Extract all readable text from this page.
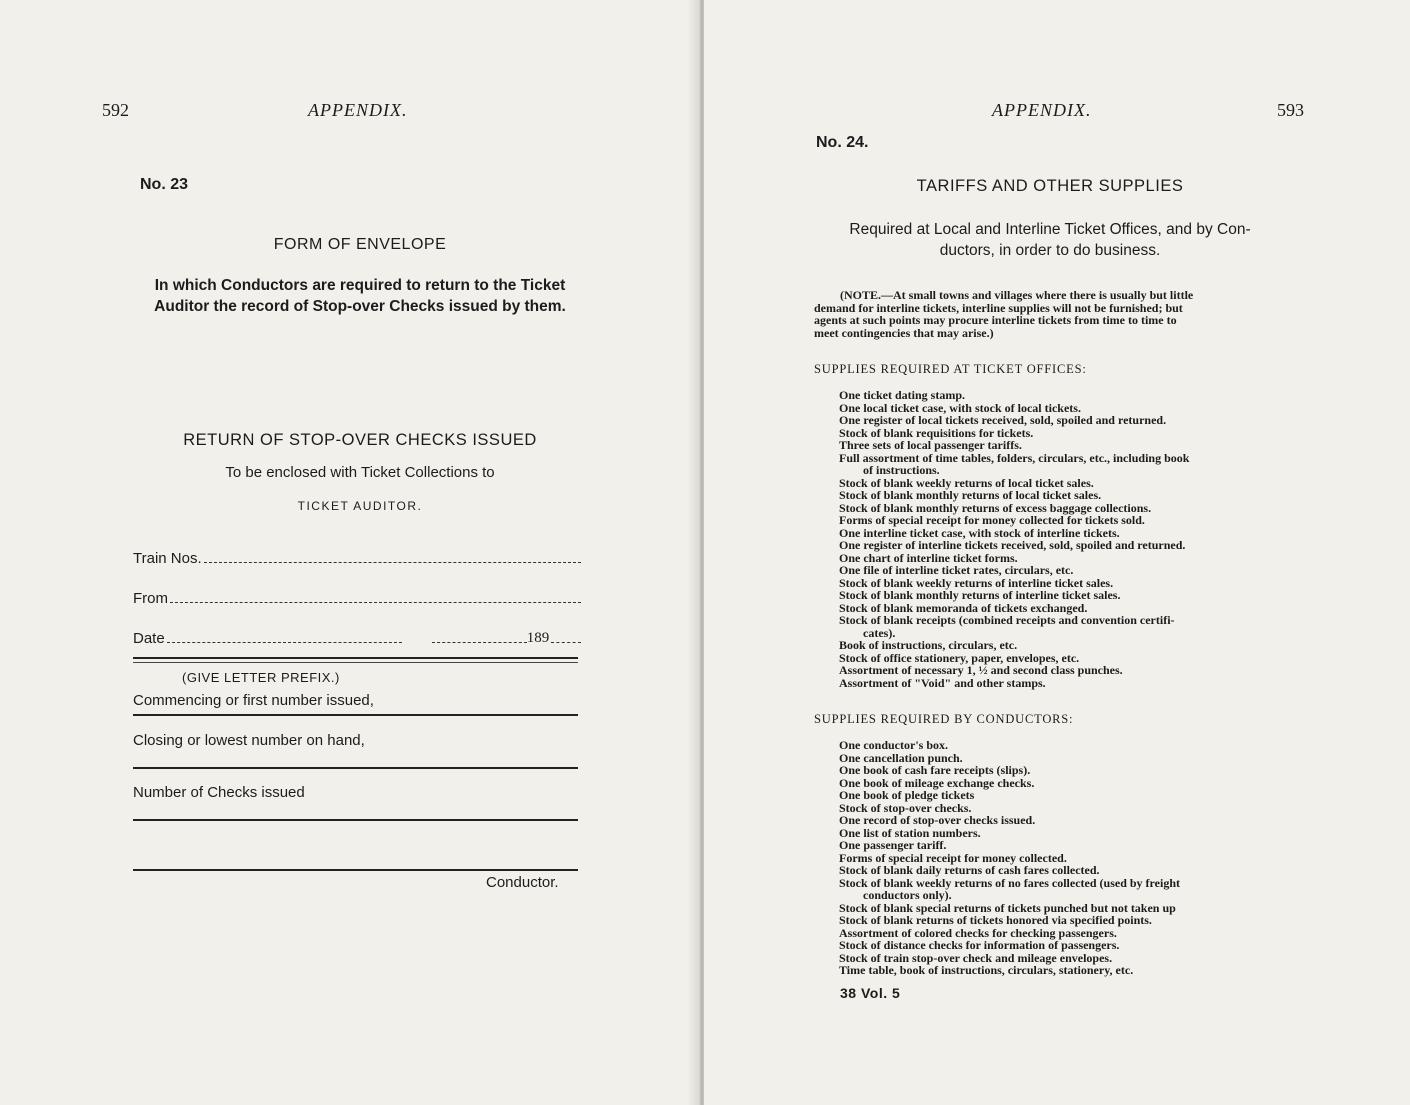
592	APPENDIX.
No. 23
FORM OF ENVELOPE
In which Conductors are required to return to the Ticket
Auditor the record of Stop-over Checks issued by them.
RETURN OF STOP-OVER CHECKS ISSUED
To be enclosed with Ticket Collections to
TICKET AUDITOR.
Train Nos.
From
Date	189
(GIVE LETTER PREFIX.)
Commencing or first number issued,
Closing or lowest number on hand,
Number of Checks issued
Conductor.
APPENDIX.	593
No. 24.
TARIFFS AND OTHER SUPPLIES
Required at Local and Interline Ticket Offices, and by Con-
ductors, in order to do business.
(NOTE.—At small towns and villages where there is usually but little
demand for interline tickets, interline supplies will not be furnished; but
agents at such points may procure interline tickets from time to time to
meet contingencies that may arise.)
SUPPLIES REQUIRED AT TICKET OFFICES:
One ticket dating stamp.
One local ticket case, with stock of local tickets.
One register of local tickets received, sold, spoiled and returned.
Stock of blank requisitions for tickets.
Three sets of local passenger tariffs.
Full assortment of time tables, folders, circulars, etc., including book
of instructions.
Stock of blank weekly returns of local ticket sales.
Stock of blank monthly returns of local ticket sales.
Stock of blank monthly returns of excess baggage collections.
Forms of special receipt for money collected for tickets sold.
One interline ticket case, with stock of interline tickets.
One register of interline tickets received, sold, spoiled and returned.
One chart of interline ticket forms.
One file of interline ticket rates, circulars, etc.
Stock of blank weekly returns of interline ticket sales.
Stock of blank monthly returns of interline ticket sales.
Stock of blank memoranda of tickets exchanged.
Stock of blank receipts (combined receipts and convention certifi-
cates).
Book of instructions, circulars, etc.
Stock of office stationery, paper, envelopes, etc.
Assortment of necessary 1, ½ and second class punches.
Assortment of "Void" and other stamps.
SUPPLIES REQUIRED BY CONDUCTORS:
One conductor's box.
One cancellation punch.
One book of cash fare receipts (slips).
One book of mileage exchange checks.
One book of pledge tickets
Stock of stop-over checks.
One record of stop-over checks issued.
One list of station numbers.
One passenger tariff.
Forms of special receipt for money collected.
Stock of blank daily returns of cash fares collected.
Stock of blank weekly returns of no fares collected (used by freight
conductors only).
Stock of blank special returns of tickets punched but not taken up
Stock of blank returns of tickets honored via specified points.
Assortment of colored checks for checking passengers.
Stock of distance checks for information of passengers.
Stock of train stop-over check and mileage envelopes.
Time table, book of instructions, circulars, stationery, etc.
38 Vol. 5
